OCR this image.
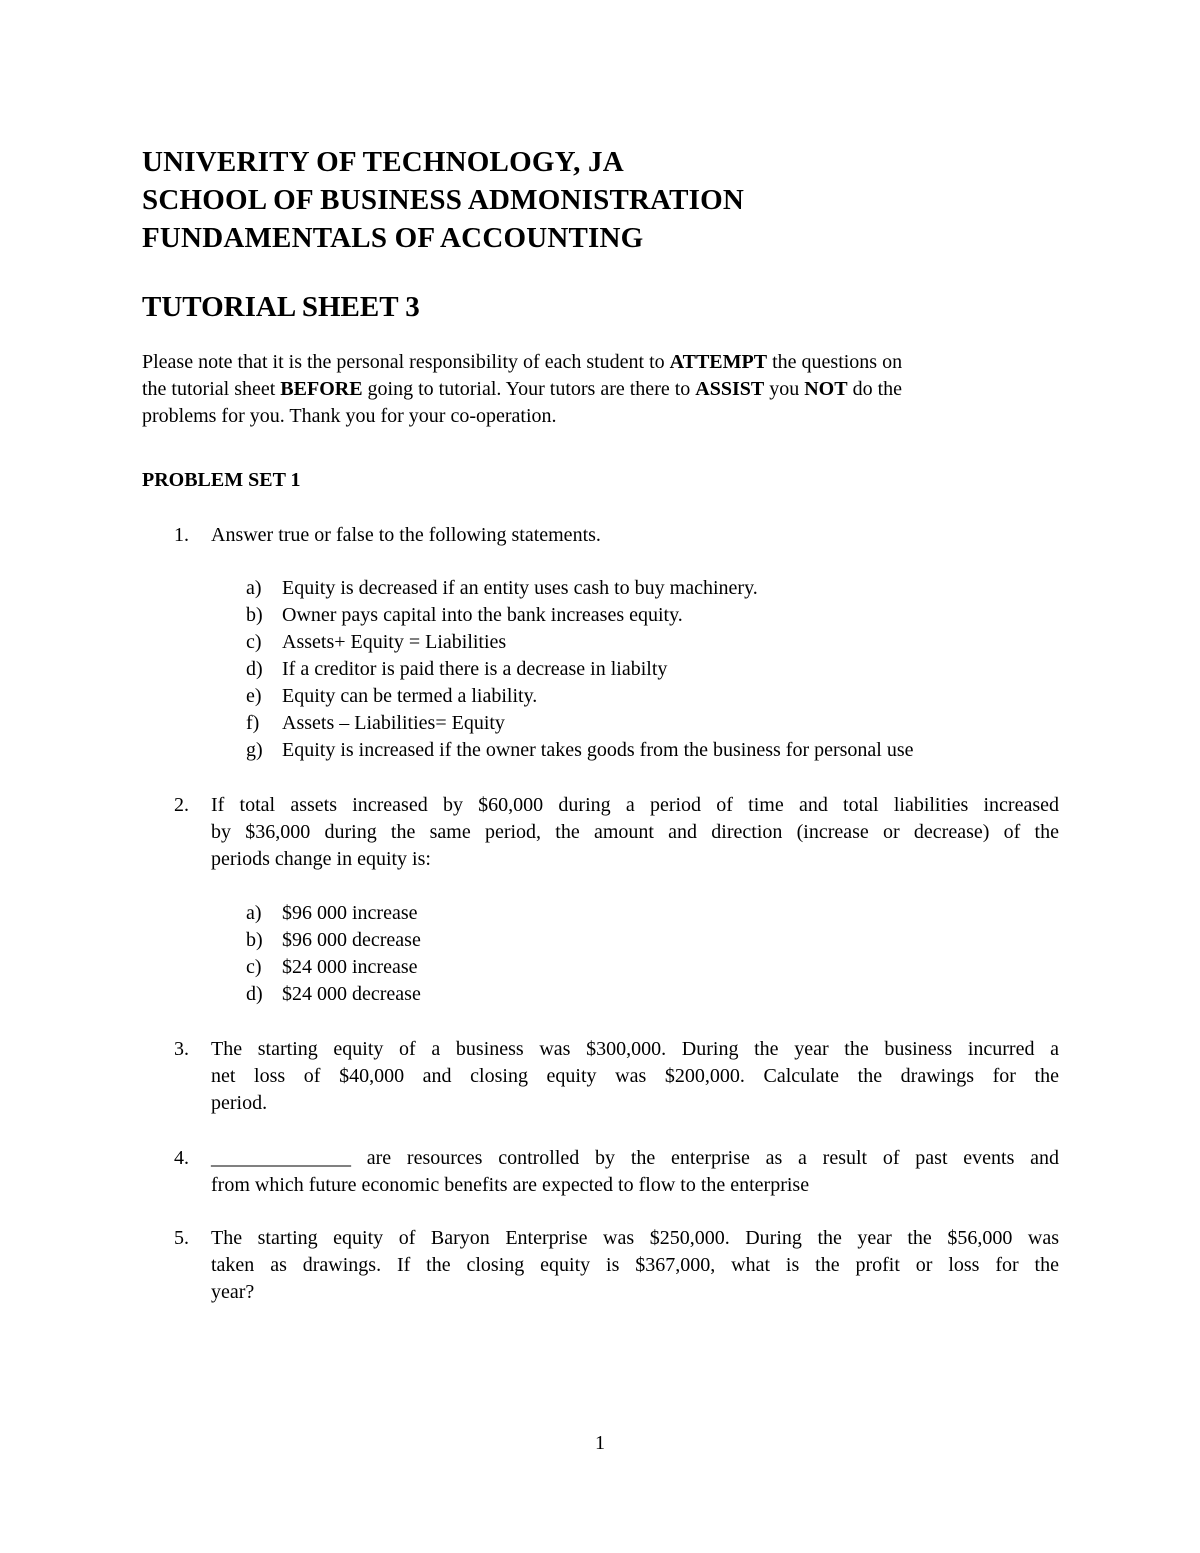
UNIVERITY OF TECHNOLOGY, JA
SCHOOL OF BUSINESS ADMONISTRATION
FUNDAMENTALS OF ACCOUNTING
TUTORIAL SHEET 3
Please note that it is the personal responsibility of each student to ATTEMPT the questions on
the tutorial sheet BEFORE going to tutorial. Your tutors are there to ASSIST you NOT do the
problems for you. Thank you for your co-operation.
PROBLEM SET 1
1. Answer true or false to the following statements.
a) Equity is decreased if an entity uses cash to buy machinery.
b) Owner pays capital into the bank increases equity.
c) Assets+ Equity = Liabilities
d) If a creditor is paid there is a decrease in liabilty
e) Equity can be termed a liability.
f) Assets – Liabilities= Equity
g) Equity is increased if the owner takes goods from the business for personal use
2. If total assets increased by $60,000 during a period of time and total liabilities increased
by $36,000 during the same period, the amount and direction (increase or decrease) of the
periods change in equity is:
a) $96 000 increase
b) $96 000 decrease
c) $24 000 increase
d) $24 000 decrease
3. The starting equity of a business was $300,000. During the year the business incurred a
net loss of $40,000 and closing equity was $200,000. Calculate the drawings for the
period.
4. ______________ are resources controlled by the enterprise as a result of past events and
from which future economic benefits are expected to flow to the enterprise
5. The starting equity of Baryon Enterprise was $250,000. During the year the $56,000 was
taken as drawings. If the closing equity is $367,000, what is the profit or loss for the
year?
1
